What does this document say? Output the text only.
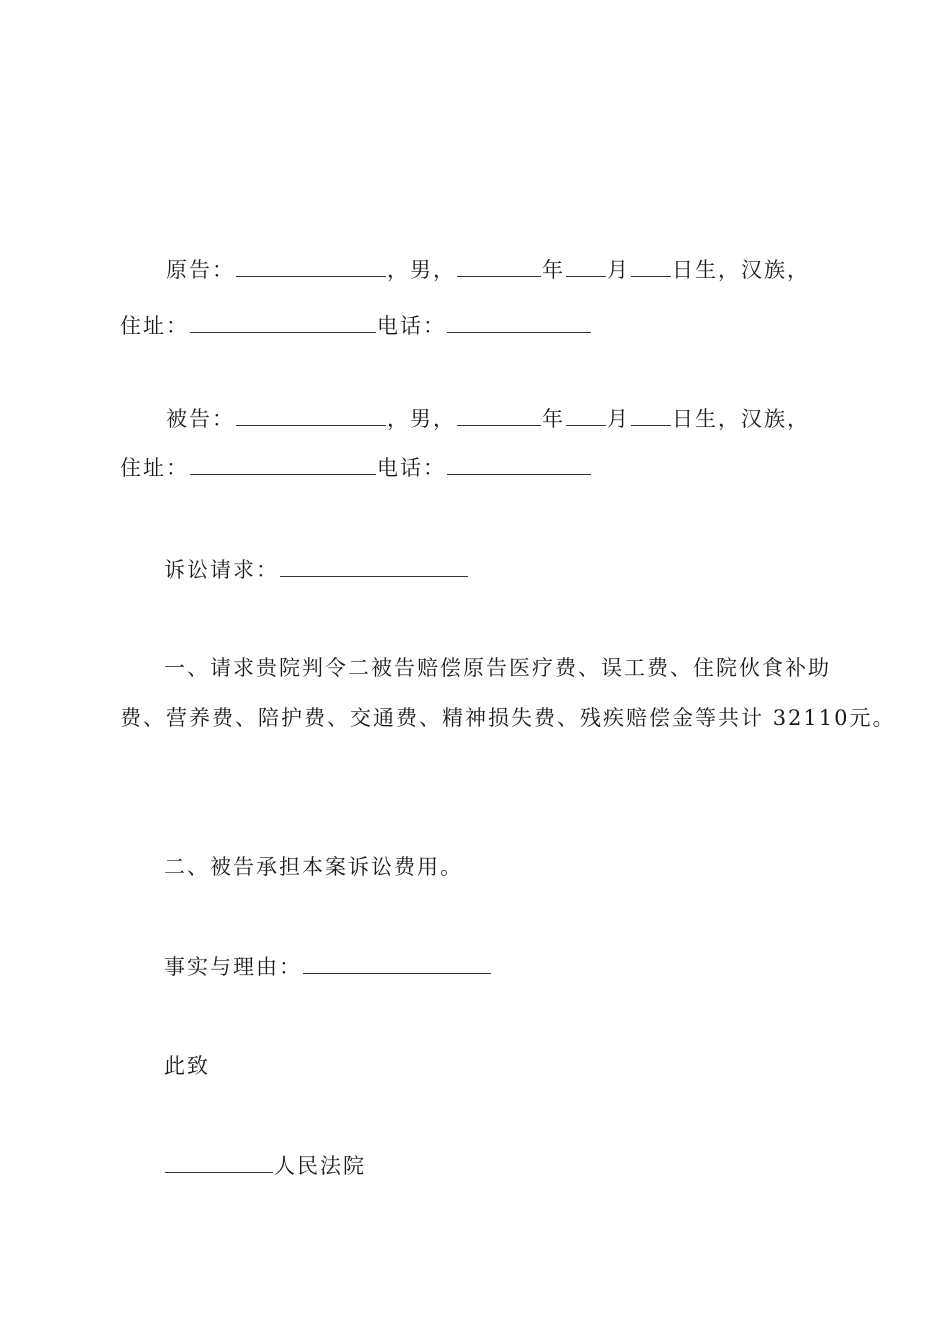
原告：	，男，	年 月 日生，汉族，
住址：	电话：
被告：	，男，	年 月 日生，汉族，
住址：	电话：
诉讼请求：
一、请求贵院判令二被告赔偿原告医疗费、误工费、住院伙食补助
费、营养费、陪护费、交通费、精神损失费、残疾赔偿金等共计 32110元。
二、被告承担本案诉讼费用。
事实与理由：
此致
人民法院
